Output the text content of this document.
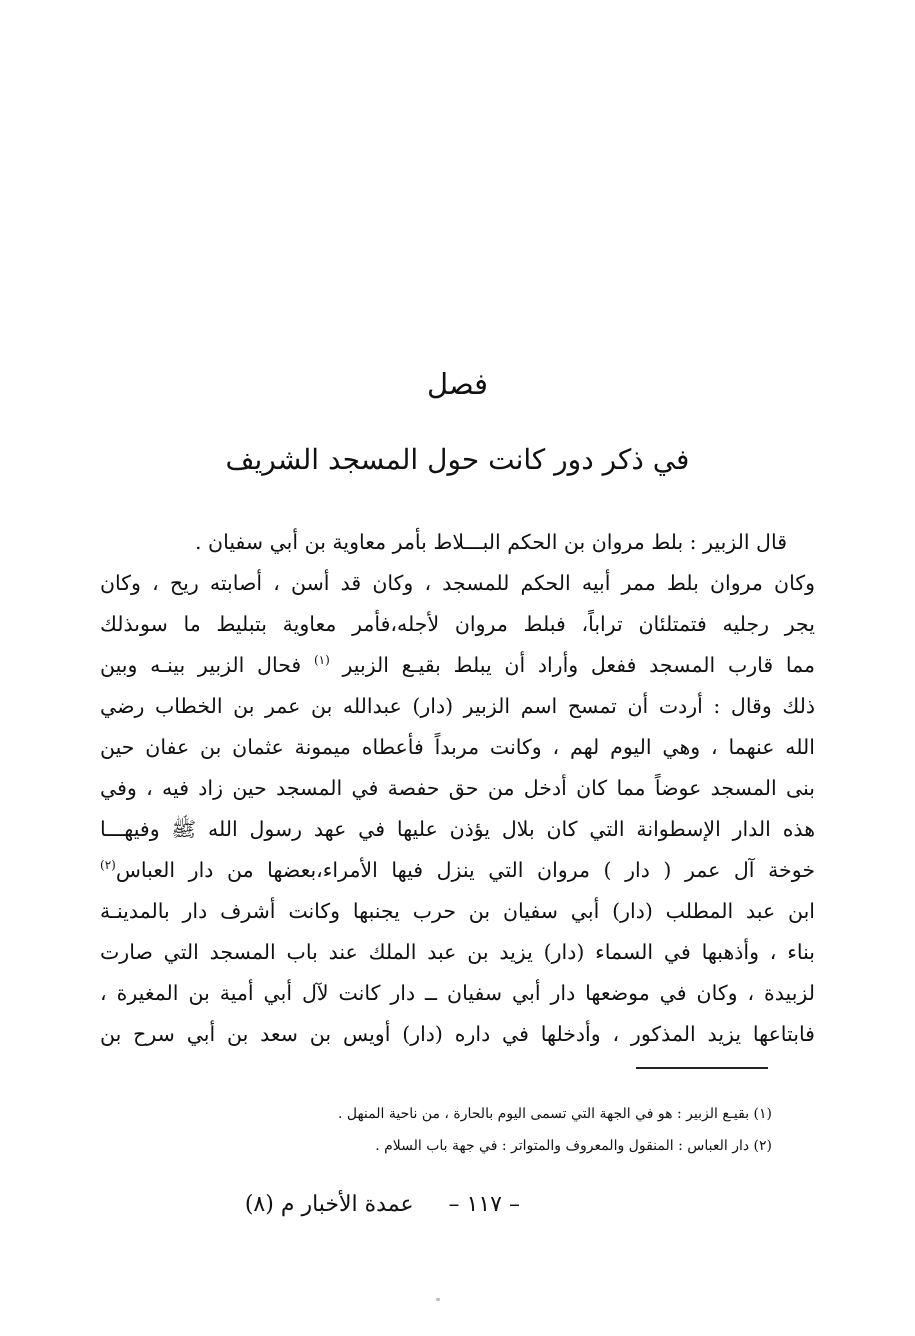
فصل
في ذكر دور كانت حول المسجد الشريف
قال الزبير : بلط مروان بن الحكم البـــلاط بأمر معاوية بن أبي سفيان .
وكان مروان بلط ممر أبيه الحكم للمسجد ، وكان قد أسن ، أصابته ريح ، وكان
يجر رجليه فتمتلئان تراباً، فبلط مروان لأجله،فأمر معاوية بتبليط ما سوىذلك
مما قارب المسجد ففعل وأراد أن يبلط بقيـع الزبير $^{(١)}$ فحال الزبير بينـه وبين
ذلك وقال : أردت أن تمسح اسم الزبير (دار) عبدالله بن عمر بن الخطاب رضي
الله عنهما ، وهي اليوم لهم ، وكانت مربداً فأعطاه ميمونة عثمان بن عفان حين
بنى المسجد عوضاً مما كان أدخل من حق حفصة في المسجد حين زاد فيه ، وفي
هذه الدار الإسطوانة التي كان بلال يؤذن عليها في عهد رسول الله ﷺ وفيهـــا
خوخة آل عمر ( دار ) مروان التي ينزل فيها الأمراء،بعضها من دار العباس$^{(٢)}$
ابن عبد المطلب (دار) أبي سفيان بن حرب يجنبها وكانت أشرف دار بالمدينـة
بناء ، وأذهبها في السماء (دار) يزيد بن عبد الملك عند باب المسجد التي صارت
لزبيدة ، وكان في موضعها دار أبي سفيان ــ دار كانت لآل أبي أمية بن المغيرة ،
فابتاعها يزيد المذكور ، وأدخلها في داره (دار) أويس بن سعد بن أبي سرح بن
(١) بقيـع الزبير : هو في الجهة التي تسمى اليوم بالحارة ، من ناحية المنهل .
(٢) دار العباس : المنقول والمعروف والمتواتر : في جهة باب السلام .
– ١١٧ –     عمدة الأخبار م (٨)
